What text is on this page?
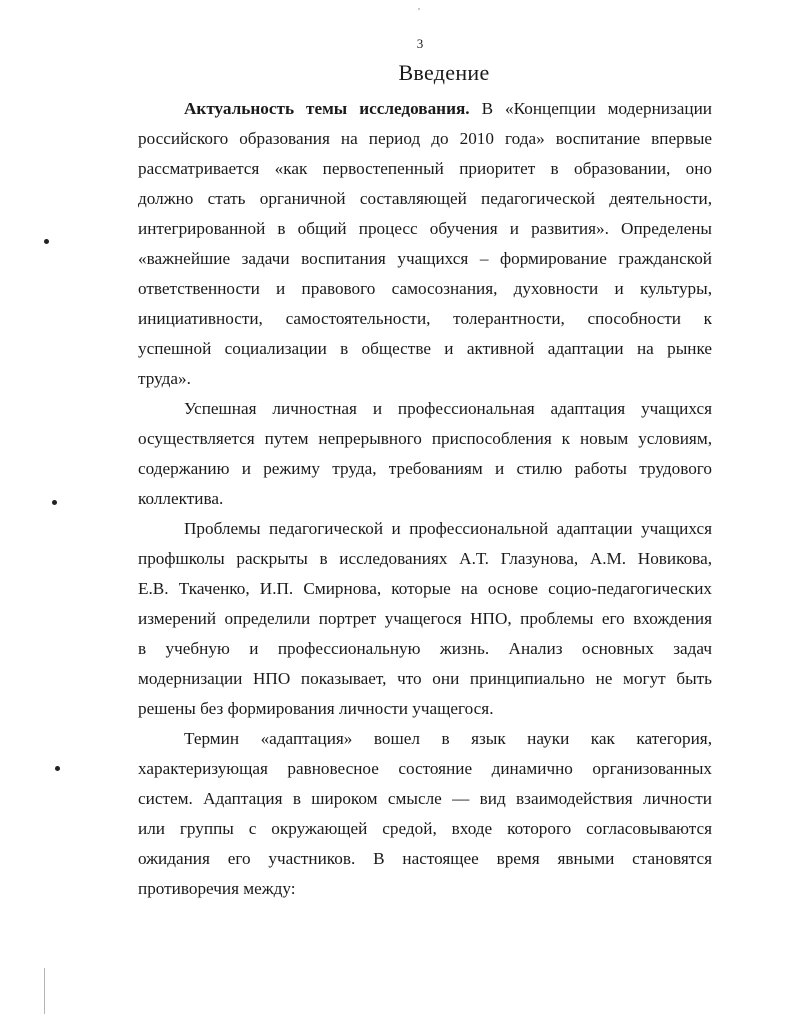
3
Введение
Актуальность темы исследования. В «Концепции модернизации
российского образования на период до 2010 года» воспитание впервые
рассматривается «как первостепенный приоритет в образовании, оно
должно стать органичной составляющей педагогической деятельности,
интегрированной в общий процесс обучения и развития». Определены
«важнейшие задачи воспитания учащихся – формирование гражданской
ответственности и правового самосознания, духовности и культуры,
инициативности, самостоятельности, толерантности, способности к
успешной социализации в обществе и активной адаптации на рынке
труда».
Успешная личностная и профессиональная адаптация учащихся
осуществляется путем непрерывного приспособления к новым условиям,
содержанию и режиму труда, требованиям и стилю работы трудового
коллектива.
Проблемы педагогической и профессиональной адаптации учащихся
профшколы раскрыты в исследованиях А.Т. Глазунова, А.М. Новикова,
Е.В. Ткаченко, И.П. Смирнова, которые на основе социо-педагогических
измерений определили портрет учащегося НПО, проблемы его вхождения
в учебную и профессиональную жизнь. Анализ основных задач
модернизации НПО показывает, что они принципиально не могут быть
решены без формирования личности учащегося.
Термин «адаптация» вошел в язык науки как категория,
характеризующая равновесное состояние динамично организованных
систем. Адаптация в широком смысле — вид взаимодействия личности
или группы с окружающей средой, входе которого согласовываются
ожидания его участников. В настоящее время явными становятся
противоречия между:
